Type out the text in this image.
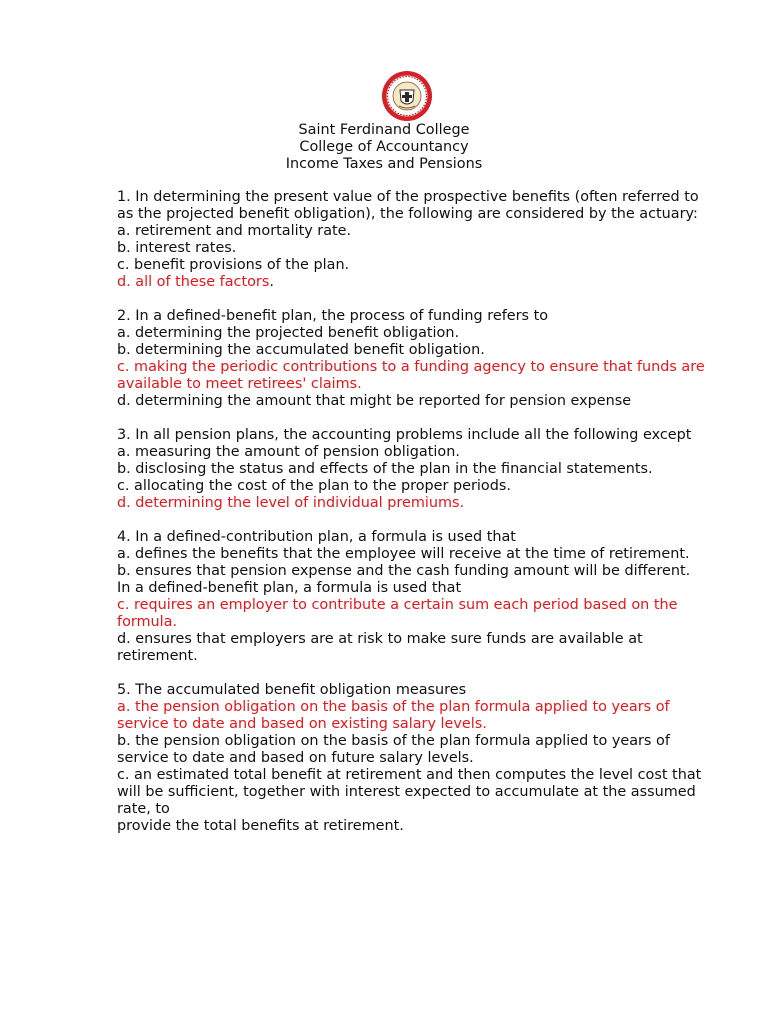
Saint Ferdinand College
College of Accountancy
Income Taxes and Pensions

1. In determining the present value of the prospective benefits (often referred to as the projected benefit obligation), the following are considered by the actuary:

a. retirement and mortality rate.

b. interest rates.

c. benefit provisions of the plan.

d. all of these factors.

2. In a defined-benefit plan, the process of funding refers to

a. determining the projected benefit obligation.

b. determining the accumulated benefit obligation.

c. making the periodic contributions to a funding agency to ensure that funds are

available to meet retirees' claims.

d. determining the amount that might be reported for pension expense

3. In all pension plans, the accounting problems include all the following except

a. measuring the amount of pension obligation.

b. disclosing the status and effects of the plan in the financial statements.

c. allocating the cost of the plan to the proper periods.

d. determining the level of individual premiums.

4. In a defined-contribution plan, a formula is used that

a. defines the benefits that the employee will receive at the time of retirement.

b. ensures that pension expense and the cash funding amount will be different.

In a defined-benefit plan, a formula is used that

c. requires an employer to contribute a certain sum each period based on the formula.

d. ensures that employers are at risk to make sure funds are available at retirement.

5. The accumulated benefit obligation measures

a. the pension obligation on the basis of the plan formula applied to years of service to date and based on existing salary levels.

b. the pension obligation on the basis of the plan formula applied to years of service to date and based on future salary levels.

c. an estimated total benefit at retirement and then computes the level cost that will be sufficient, together with interest expected to accumulate at the assumed rate, to

provide the total benefits at retirement.
